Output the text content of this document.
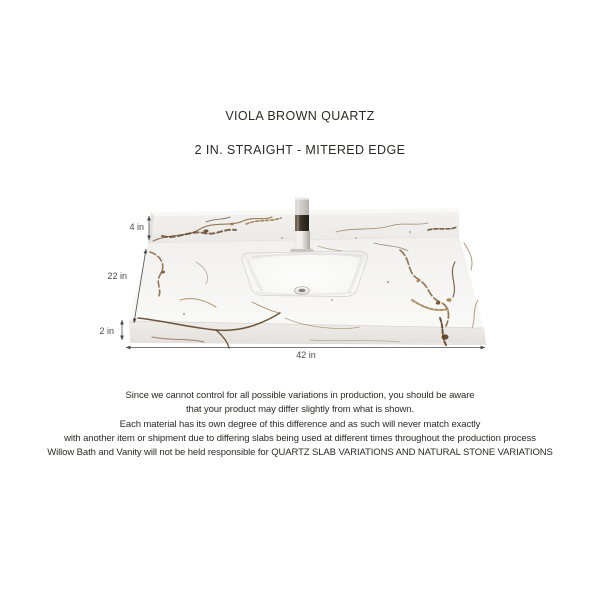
VIOLA BROWN QUARTZ
2 IN. STRAIGHT - MITERED EDGE
4 in
22 in
2 in
42 in
Since we cannot control for all possible variations in production, you should be aware
that your product may differ slightly from what is shown.
Each material has its own degree of this difference and as such will never match exactly
with another item or shipment due to differing slabs being used at different times throughout the production process
Willow Bath and Vanity will not be held responsible for QUARTZ SLAB VARIATIONS AND NATURAL STONE VARIATIONS
